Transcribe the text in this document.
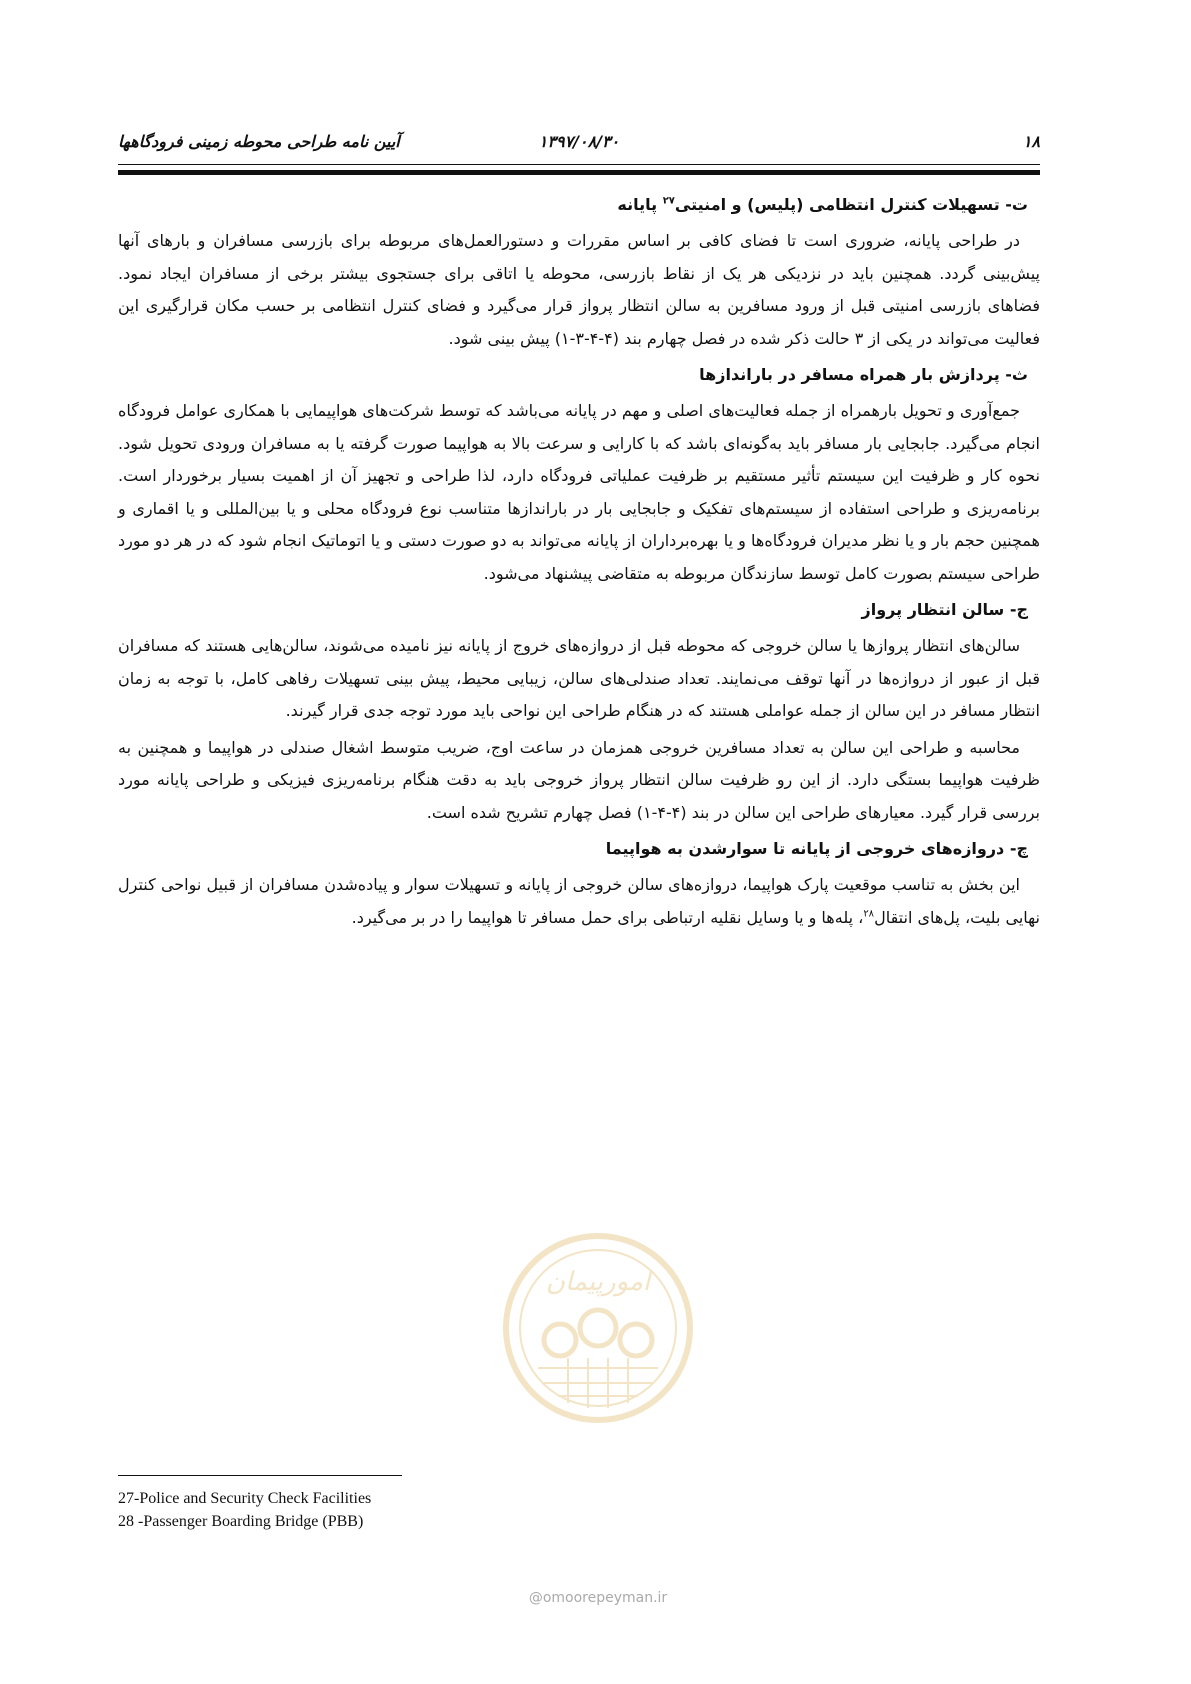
آیین نامه طراحی محوطه زمینی فرودگاهها	۱۳۹۷/۰۸/۳۰	۱۸
ت- تسهیلات کنترل انتظامی (پلیس) و امنیتی$^{۲۷}$ پایانه

در طراحی پایانه، ضروری است تا فضای کافی بر اساس مقررات و دستورالعمل‌های مربوطه برای بازرسی مسافران و بارهای آنها پیش‌بینی گردد. همچنین باید در نزدیکی هر یک از نقاط بازرسی، محوطه یا اتاقی برای جستجوی بیشتر برخی از مسافران ایجاد نمود. فضاهای بازرسی امنیتی قبل از ورود مسافرین به سالن انتظار پرواز قرار می‌گیرد و فضای کنترل انتظامی بر حسب مکان قرارگیری این فعالیت می‌تواند در یکی از ۳ حالت ذکر شده در فصل چهارم بند (۴-۴-۳-۱) پیش بینی شود.

ث- پردازش بار همراه مسافر در باراندازها

جمع‌آوری و تحویل بارهمراه از جمله فعالیت‌های اصلی و مهم در پایانه می‌باشد که توسط شرکت‌های هواپیمایی با همکاری عوامل فرودگاه انجام می‌گیرد. جابجایی بار مسافر باید به‌گونه‌ای باشد که با کارایی و سرعت بالا به هواپیما صورت گرفته یا به مسافران ورودی تحویل شود. نحوه کار و ظرفیت این سیستم تأثیر مستقیم بر ظرفیت عملیاتی فرودگاه دارد، لذا طراحی و تجهیز آن از اهمیت بسیار برخوردار است. برنامه‌ریزی و طراحی استفاده از سیستم‌های تفکیک و جابجایی بار در باراندازها متناسب نوع فرودگاه محلی و یا بین‌المللی و یا اقماری و همچنین حجم بار و یا نظر مدیران فرودگاه‌ها و یا بهره‌برداران از پایانه می‌تواند به دو صورت دستی و یا اتوماتیک انجام شود که در هر دو مورد طراحی سیستم بصورت کامل توسط سازندگان مربوطه به متقاضی پیشنهاد می‌شود.

ج- سالن انتظار پرواز

سالن‌های انتظار پروازها یا سالن خروجی که محوطه قبل از دروازه‌های خروج از پایانه نیز نامیده می‌شوند، سالن‌هایی هستند که مسافران قبل از عبور از دروازه‌ها در آنها توقف می‌نمایند. تعداد صندلی‌های سالن، زیبایی محیط، پیش بینی تسهیلات رفاهی کامل، با توجه به زمان انتظار مسافر در این سالن از جمله عواملی هستند که در هنگام طراحی این نواحی باید مورد توجه جدی قرار گیرند.

محاسبه و طراحی این سالن به تعداد مسافرین خروجی همزمان در ساعت اوج، ضریب متوسط اشغال صندلی در هواپیما و همچنین به ظرفیت هواپیما بستگی دارد. از این رو ظرفیت سالن انتظار پرواز خروجی باید به دقت هنگام برنامه‌ریزی فیزیکی و طراحی پایانه مورد بررسی قرار گیرد. معیارهای طراحی این سالن در بند (۴-۴-۱) فصل چهارم تشریح شده است.

چ- دروازه‌های خروجی از پایانه تا سوارشدن به هواپیما

این بخش به تناسب موقعیت پارک هواپیما، دروازه‌های سالن خروجی از پایانه و تسهیلات سوار و پیاده‌شدن مسافران از قبیل نواحی کنترل نهایی بلیت، پل‌های انتقال$^{۲۸}$، پله‌ها و یا وسایل نقلیه ارتباطی برای حمل مسافر تا هواپیما را در بر می‌گیرد.

27-Police and Security Check Facilities
28 -Passenger Boarding Bridge (PBB)
امورپیمان
@omoorepeyman.ir
